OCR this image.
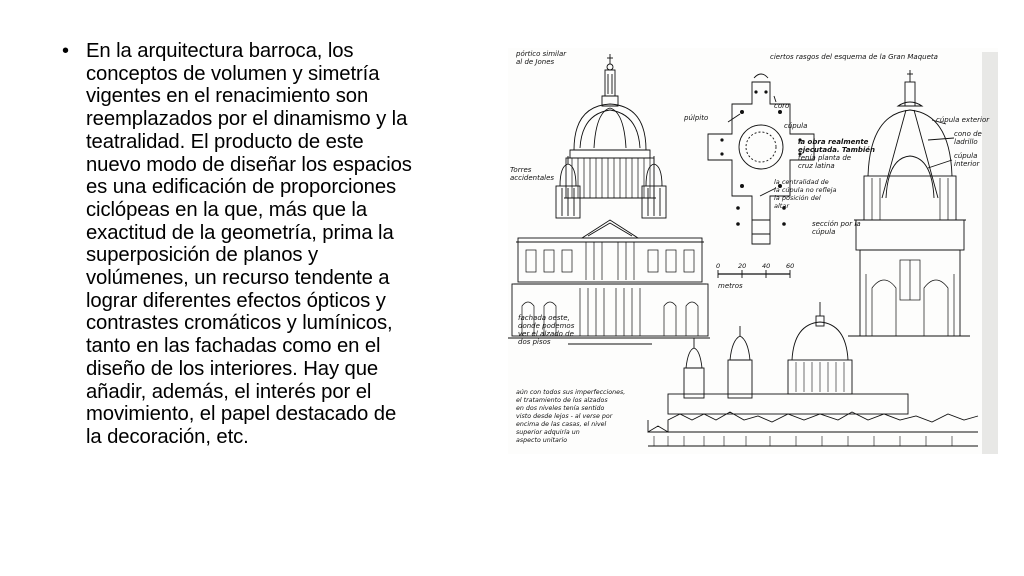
• En la arquitectura barroca, los
conceptos de volumen y simetría
vigentes en el renacimiento son
reemplazados por el dinamismo y la
teatralidad. El producto de este
nuevo modo de diseñar los espacios
es una edificación de proporciones
ciclópeas en la que, más que la
exactitud de la geometría, prima la
superposición de planos y
volúmenes, un recurso tendente a
lograr diferentes efectos ópticos y
contrastes cromáticos y lumínicos,
tanto en las fachadas como en el
diseño de los interiores. Hay que
añadir, además, el interés por el
movimiento, el papel destacado de
la decoración, etc.
pórtico similar
al de Jones
ciertos rasgos del esquema de la Gran Maqueta
coro
púlpito
cúpula
la obra realmente
ejecutada. También
tenía planta de
cruz latina
Torres
accidentales	la centralidad de
la cúpula no refleja
la posición del
altar
sección por la
cúpula
cúpula exterior
cono de
ladrillo
cúpula
interior
0	20 40 60
metros
fachada oeste,
donde podemos
ver el alzado de
dos pisos
aún con todos sus imperfecciones,
el tratamiento de los alzados
en dos niveles tenía sentido
visto desde lejos - al verse por
encima de las casas, el nivel
superior adquiría un
aspecto unitario
